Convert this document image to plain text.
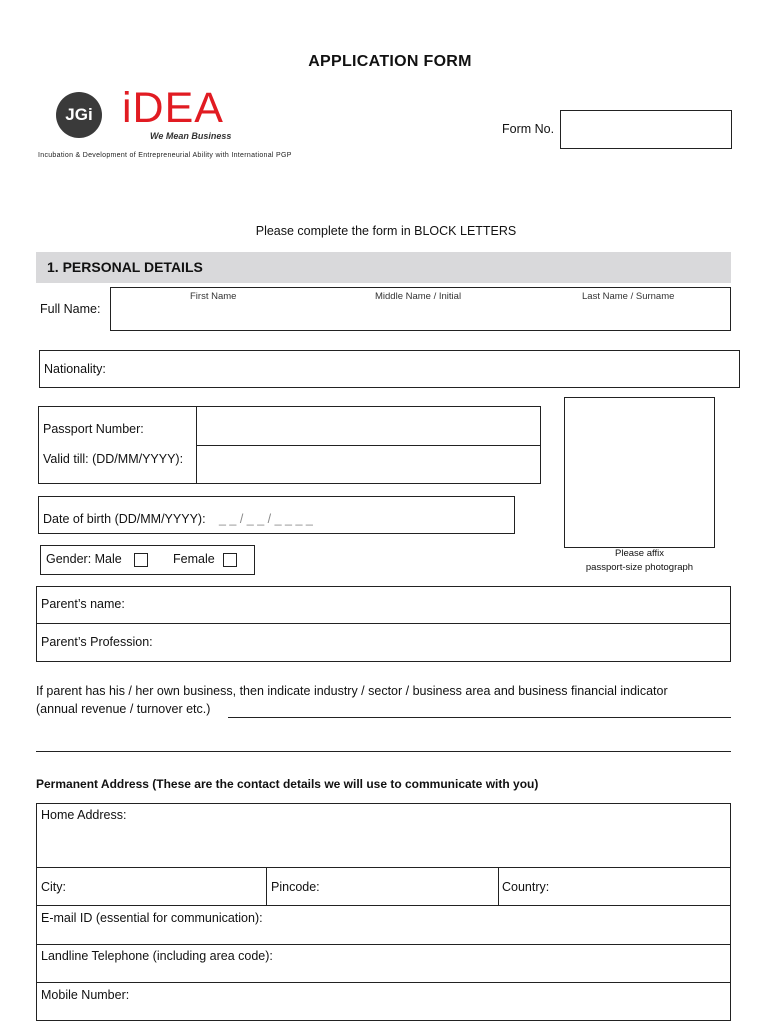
APPLICATION FORM
JGi iDEA
We Mean Business
Incubation & Development of Entrepreneurial Ability with International PGP
Form No.
Please complete the form in BLOCK LETTERS
1. PERSONAL DETAILS
Full Name:
First Name	Middle Name / Initial	Last Name / Surname
Nationality:
Passport Number:
Valid till: (DD/MM/YYYY):
Please affix
passport-size photograph
Date of birth (DD/MM/YYYY): _ _ / _ _ / _ _ _ _
Gender: Male	Female
Parent’s name:
Parent’s Profession:
If parent has his / her own business, then indicate industry / sector / business area and business financial indicator
(annual revenue / turnover etc.)
Permanent Address (These are the contact details we will use to communicate with you)
Home Address:
City:	Pincode:	Country:
E-mail ID (essential for communication):
Landline Telephone (including area code):
Mobile Number:
